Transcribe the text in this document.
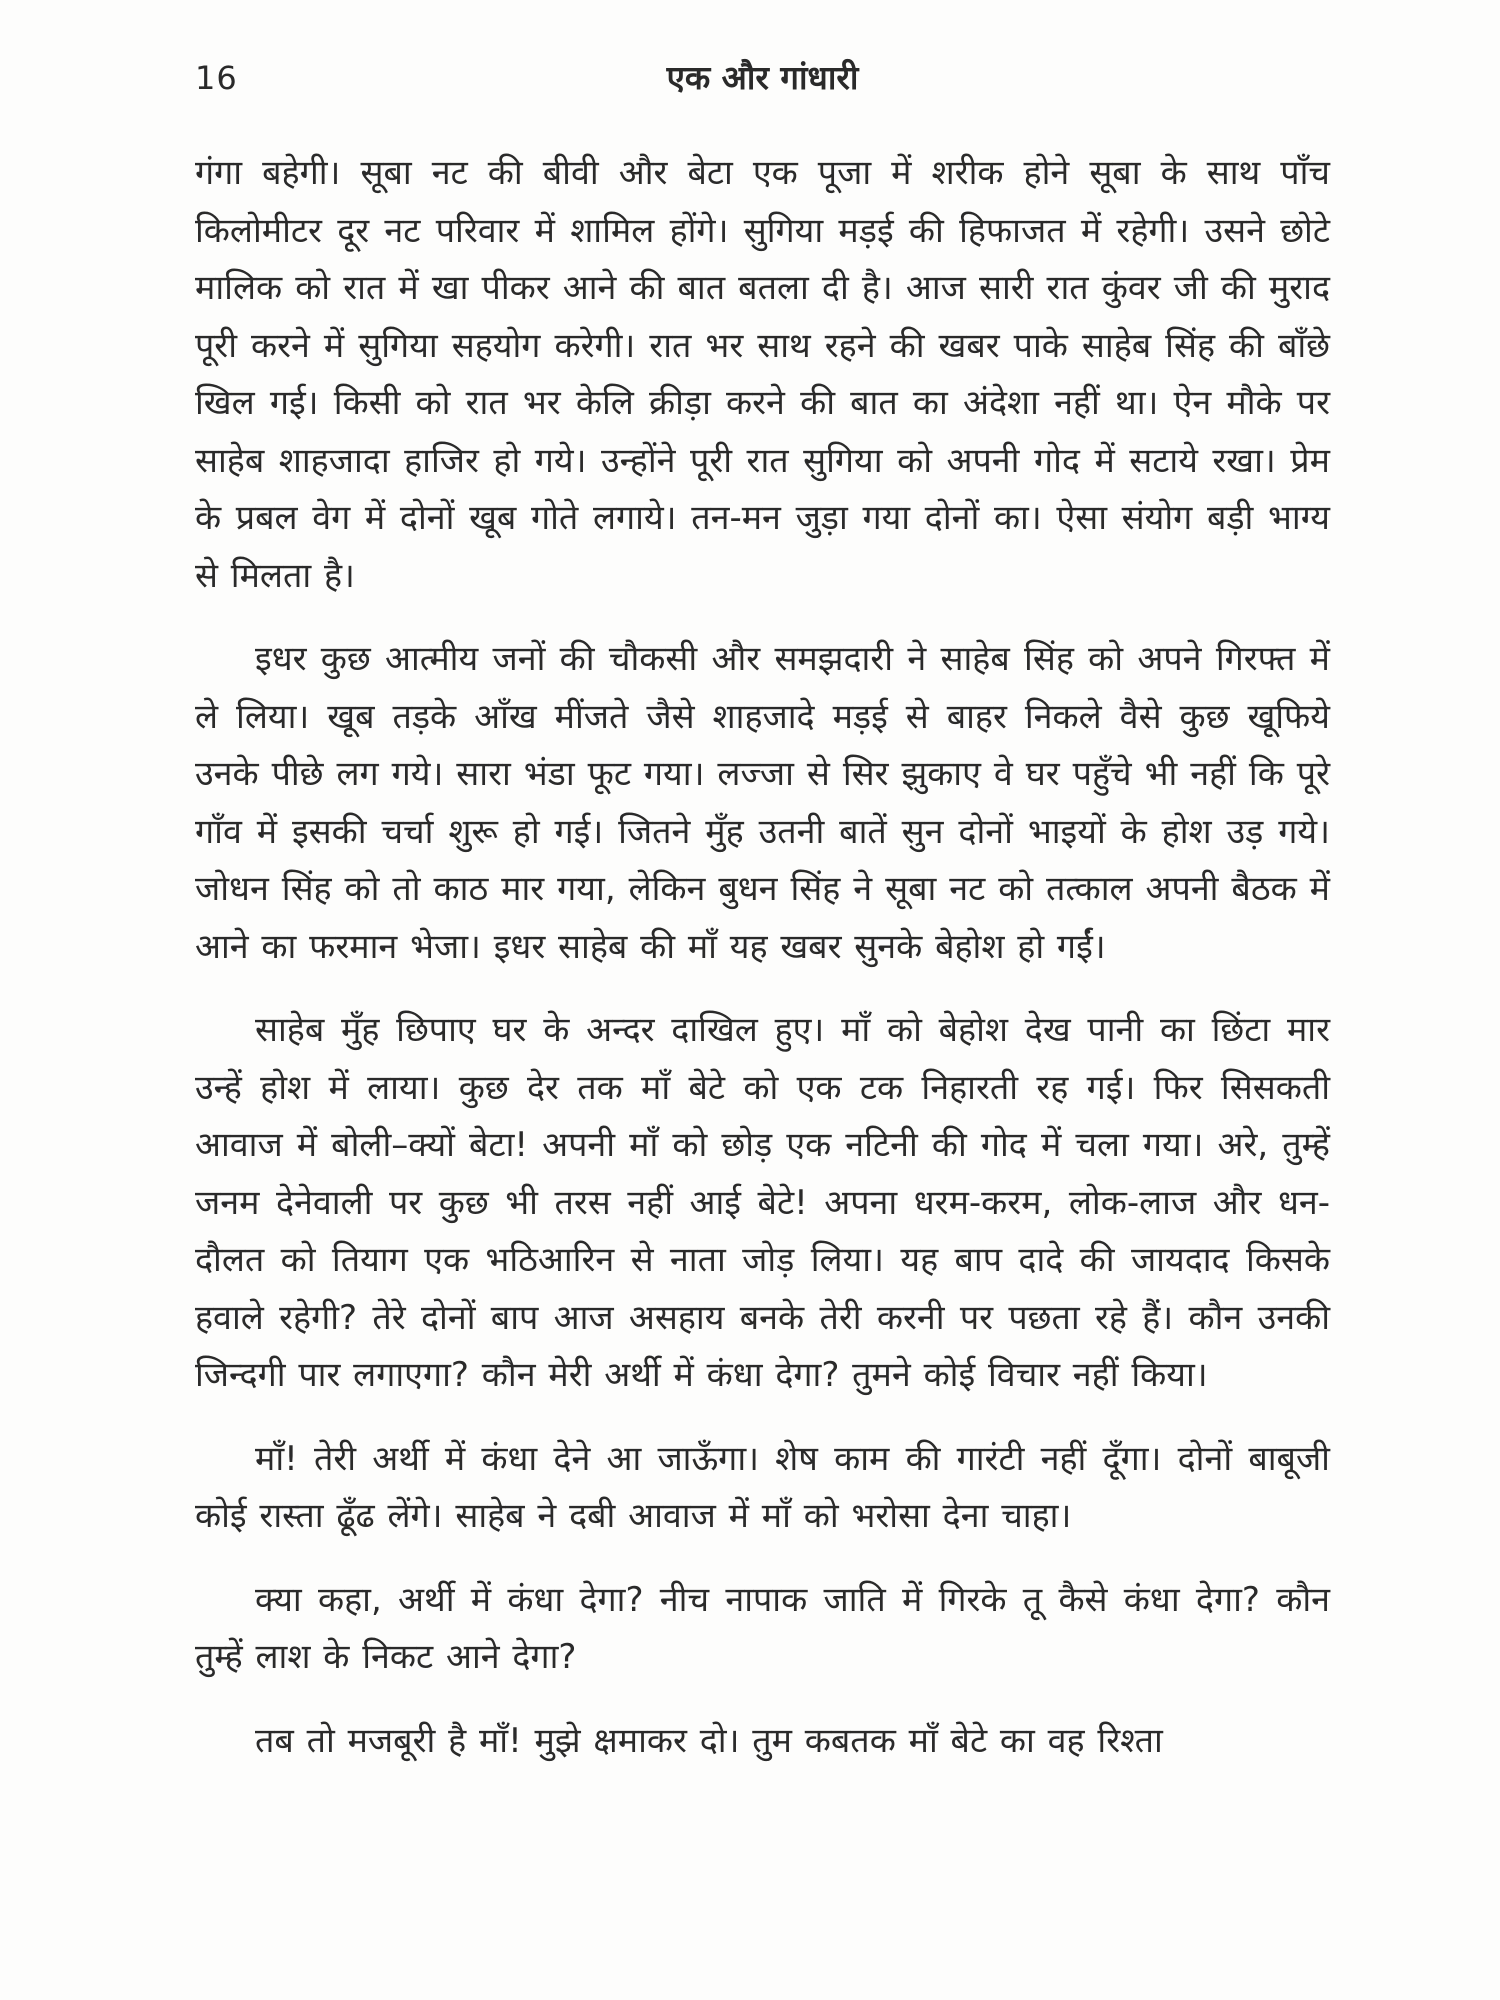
16	एक और गांधारी

गंगा बहेगी। सूबा नट की बीवी और बेटा एक पूजा में शरीक होने सूबा के साथ पाँच किलोमीटर दूर नट परिवार में शामिल होंगे। सुगिया मड़ई की हिफाजत में रहेगी। उसने छोटे मालिक को रात में खा पीकर आने की बात बतला दी है। आज सारी रात कुंवर जी की मुराद पूरी करने में सुगिया सहयोग करेगी। रात भर साथ रहने की खबर पाके साहेब सिंह की बाँछे खिल गई। किसी को रात भर केलि क्रीड़ा करने की बात का अंदेशा नहीं था। ऐन मौके पर साहेब शाहजादा हाजिर हो गये। उन्होंने पूरी रात सुगिया को अपनी गोद में सटाये रखा। प्रेम के प्रबल वेग में दोनों खूब गोते लगाये। तन-मन जुड़ा गया दोनों का। ऐसा संयोग बड़ी भाग्य से मिलता है।

इधर कुछ आत्मीय जनों की चौकसी और समझदारी ने साहेब सिंह को अपने गिरफ्त में ले लिया। खूब तड़के आँख मींजते जैसे शाहजादे मड़ई से बाहर निकले वैसे कुछ खूफिये उनके पीछे लग गये। सारा भंडा फूट गया। लज्जा से सिर झुकाए वे घर पहुँचे भी नहीं कि पूरे गाँव में इसकी चर्चा शुरू हो गई। जितने मुँह उतनी बातें सुन दोनों भाइयों के होश उड़ गये। जोधन सिंह को तो काठ मार गया, लेकिन बुधन सिंह ने सूबा नट को तत्काल अपनी बैठक में आने का फरमान भेजा। इधर साहेब की माँ यह खबर सुनके बेहोश हो गईं।

साहेब मुँह छिपाए घर के अन्दर दाखिल हुए। माँ को बेहोश देख पानी का छिंटा मार उन्हें होश में लाया। कुछ देर तक माँ बेटे को एक टक निहारती रह गई। फिर सिसकती आवाज में बोली–क्यों बेटा! अपनी माँ को छोड़ एक नटिनी की गोद में चला गया। अरे, तुम्हें जनम देनेवाली पर कुछ भी तरस नहीं आई बेटे! अपना धरम-करम, लोक-लाज और धन-दौलत को तियाग एक भठिआरिन से नाता जोड़ लिया। यह बाप दादे की जायदाद किसके हवाले रहेगी? तेरे दोनों बाप आज असहाय बनके तेरी करनी पर पछता रहे हैं। कौन उनकी जिन्दगी पार लगाएगा? कौन मेरी अर्थी में कंधा देगा? तुमने कोई विचार नहीं किया।

माँ! तेरी अर्थी में कंधा देने आ जाऊँगा। शेष काम की गारंटी नहीं दूँगा। दोनों बाबूजी कोई रास्ता ढूँढ लेंगे। साहेब ने दबी आवाज में माँ को भरोसा देना चाहा।

क्या कहा, अर्थी में कंधा देगा? नीच नापाक जाति में गिरके तू कैसे कंधा देगा? कौन तुम्हें लाश के निकट आने देगा?

तब तो मजबूरी है माँ! मुझे क्षमाकर दो। तुम कबतक माँ बेटे का वह रिश्ता
